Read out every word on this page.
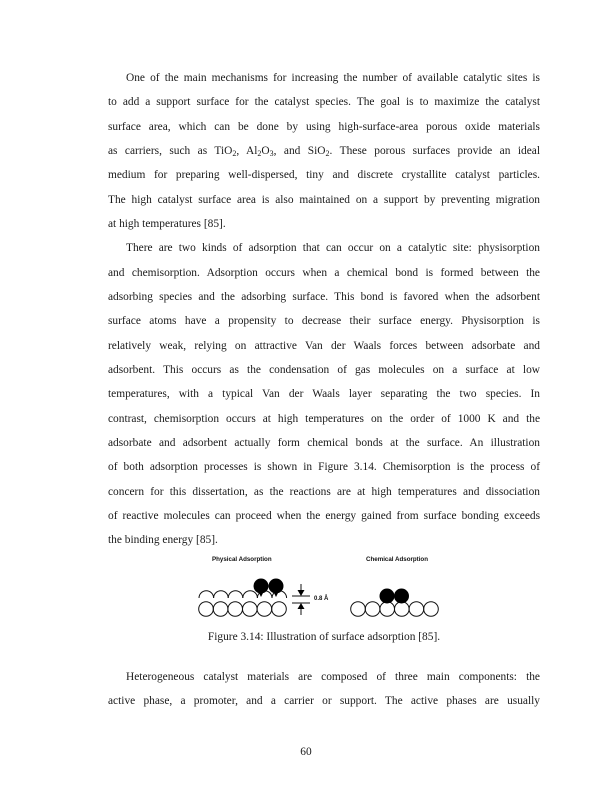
One of the main mechanisms for increasing the number of available catalytic sites is
to add a support surface for the catalyst species. The goal is to maximize the catalyst
surface area, which can be done by using high-surface-area porous oxide materials
as carriers, such as TiO$_2$, $Al_2O_3$, and SiO$_2$. These porous surfaces provide an ideal
medium for preparing well-dispersed, tiny and discrete crystallite catalyst particles.
The high catalyst surface area is also maintained on a support by preventing migration
at high temperatures [85].
There are two kinds of adsorption that can occur on a catalytic site: physisorption
and chemisorption. Adsorption occurs when a chemical bond is formed between the
adsorbing species and the adsorbing surface. This bond is favored when the adsorbent
surface atoms have a propensity to decrease their surface energy. Physisorption is
relatively weak, relying on attractive Van der Waals forces between adsorbate and
adsorbent. This occurs as the condensation of gas molecules on a surface at low
temperatures, with a typical Van der Waals layer separating the two species. In
contrast, chemisorption occurs at high temperatures on the order of 1000 K and the
adsorbate and adsorbent actually form chemical bonds at the surface. An illustration
of both adsorption processes is shown in Figure 3.14. Chemisorption is the process of
concern for this dissertation, as the reactions are at high temperatures and dissociation
of reactive molecules can proceed when the energy gained from surface bonding exceeds
the binding energy [85].
Physical Adsorption	Chemical Adsorption
0.8 Å
Figure 3.14: Illustration of surface adsorption [85].
Heterogeneous catalyst materials are composed of three main components: the
active phase, a promoter, and a carrier or support. The active phases are usually
60
